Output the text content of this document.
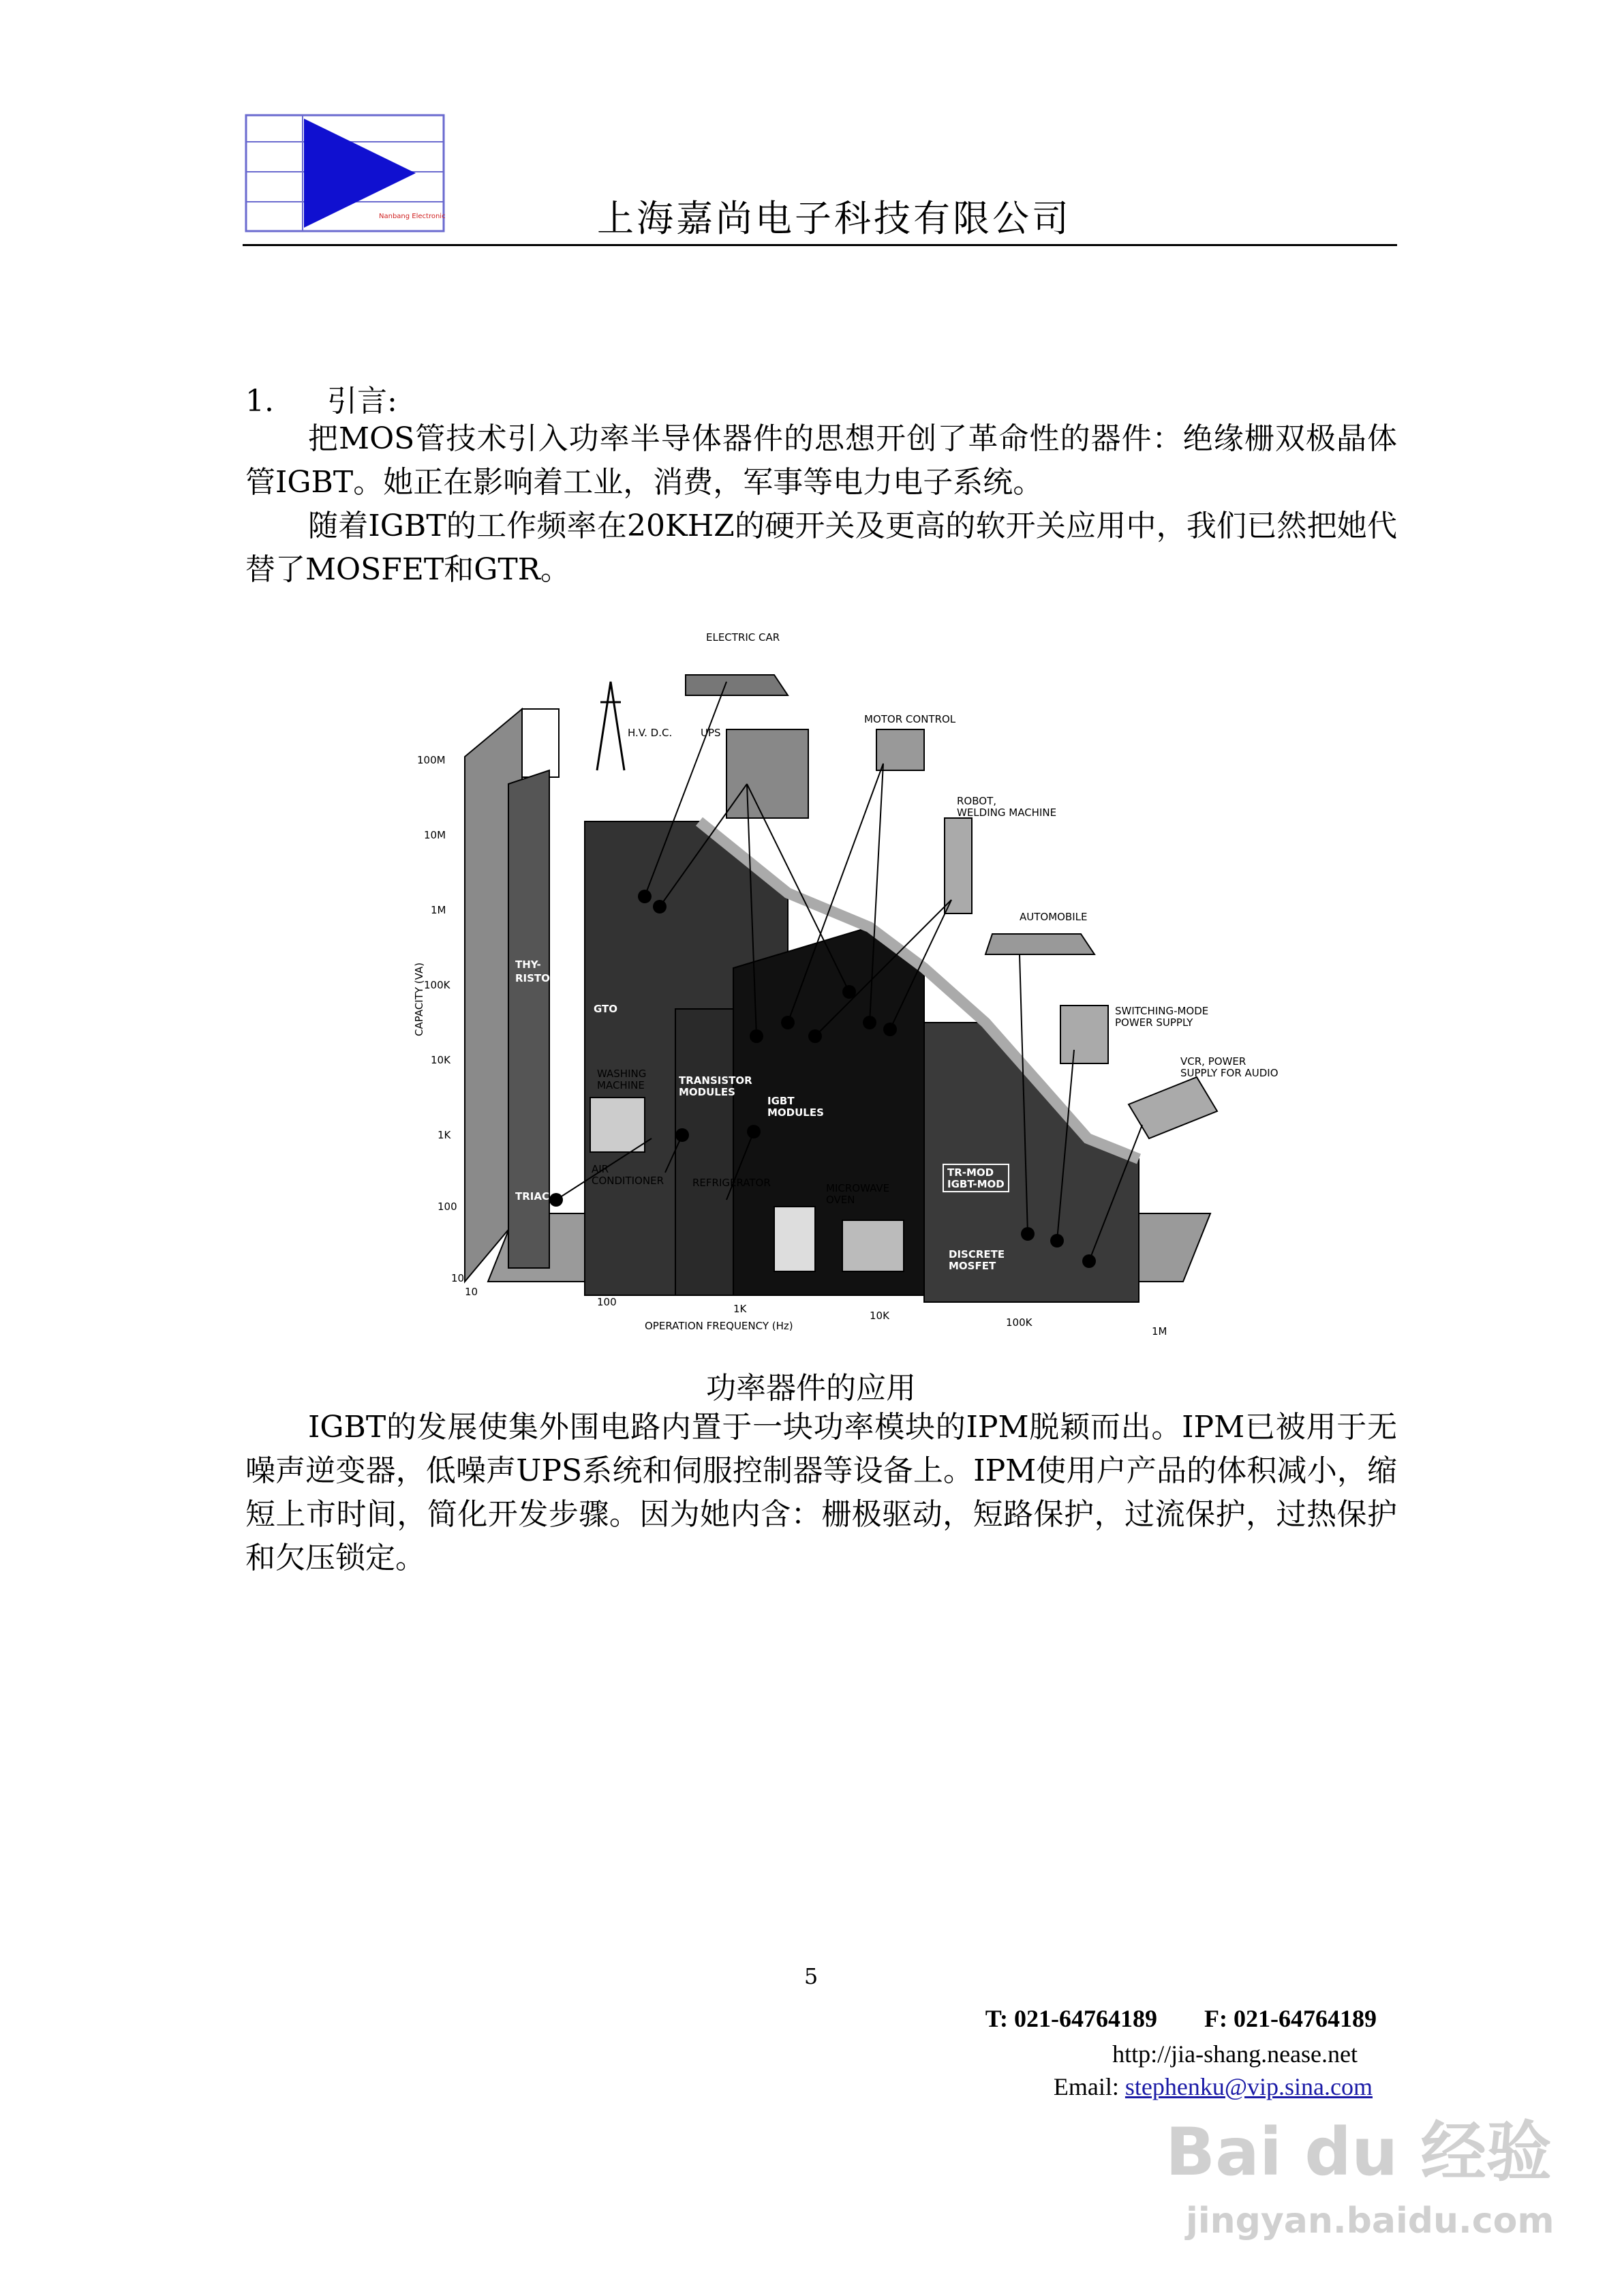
Nanbang Electronic	上海嘉尚电子科技有限公司
1. 引言:
把MOS管技术引入功率半导体器件的思想开创了革命性的器件：绝缘栅双极晶体管IGBT。她正在影响着工业，消费，军事等电力电子系统。
随着IGBT的工作频率在20KHZ的硬开关及更高的软开关应用中，我们已然把她代替了MOSFET和GTR。
THY-
RISTOR
GTO
TRANSISTOR
MODULES
IGBT
MODULES
TRIAC
TR-MOD
IGBT-MOD
DISCRETE
MOSFET
100M
10M
1M
100K
10K
1K
100
10
CAPACITY (VA)
10
100
1K
10K
100K
1M
OPERATION FREQUENCY (Hz)
ELECTRIC CAR
H.V. D.C.	UPS
MOTOR CONTROL
ROBOT,
WELDING MACHINE
AUTOMOBILE
SWITCHING-MODE
POWER SUPPLY
VCR, POWER
SUPPLY FOR AUDIO
WASHING
MACHINE
AIR
CONDITIONER	REFRIGERATOR	MICROWAVE
OVEN
功率器件的应用
IGBT的发展使集外围电路内置于一块功率模块的IPM脱颖而出。IPM已被用于无噪声逆变器，低噪声UPS系统和伺服控制器等设备上。IPM使用户产品的体积减小，缩短上市时间，简化开发步骤。因为她内含：栅极驱动，短路保护，过流保护，过热保护和欠压锁定。
5
T: 021-64764189 F: 021-64764189
http://jia-shang.nease.net
Email: stephenku@vip.sina.com
Bai du 经验
jingyan.baidu.com
